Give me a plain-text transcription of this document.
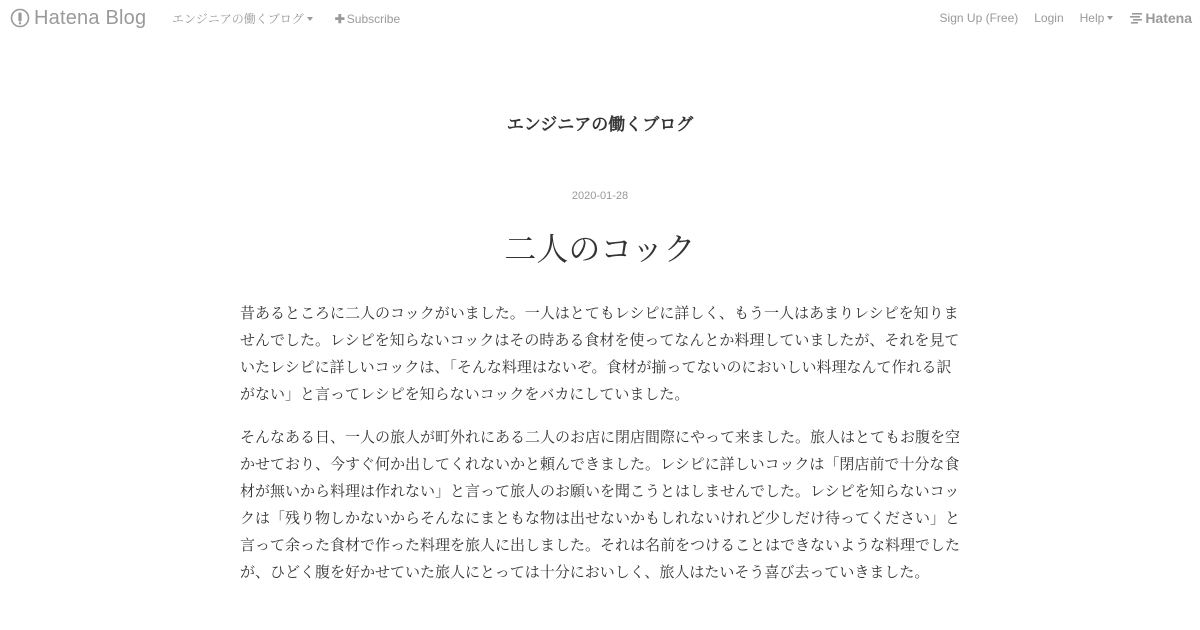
Hatena Blog エンジニアの働くブログ	✚ Subscribe	Sign Up (Free) Login Help	Hatena
エンジニアの働くブログ
2020-01-28
二人のコック

昔あるところに二人のコックがいました。一人はとてもレシピに詳しく、もう一人はあまりレシピを知りませんでした。レシピを知らないコックはその時ある食材を使ってなんとか料理していましたが、それを見ていたレシピに詳しいコックは、「そんな料理はないぞ。食材が揃ってないのにおいしい料理なんて作れる訳がない」と言ってレシピを知らないコックをバカにしていました。

そんなある日、一人の旅人が町外れにある二人のお店に閉店間際にやって来ました。旅人はとてもお腹を空かせており、今すぐ何か出してくれないかと頼んできました。レシピに詳しいコックは「閉店前で十分な食材が無いから料理は作れない」と言って旅人のお願いを聞こうとはしませんでした。レシピを知らないコックは「残り物しかないからそんなにまともな物は出せないかもしれないけれど少しだけ待ってください」と言って余った食材で作った料理を旅人に出しました。それは名前をつけることはできないような料理でしたが、ひどく腹を好かせていた旅人にとっては十分においしく、旅人はたいそう喜び去っていきました。
